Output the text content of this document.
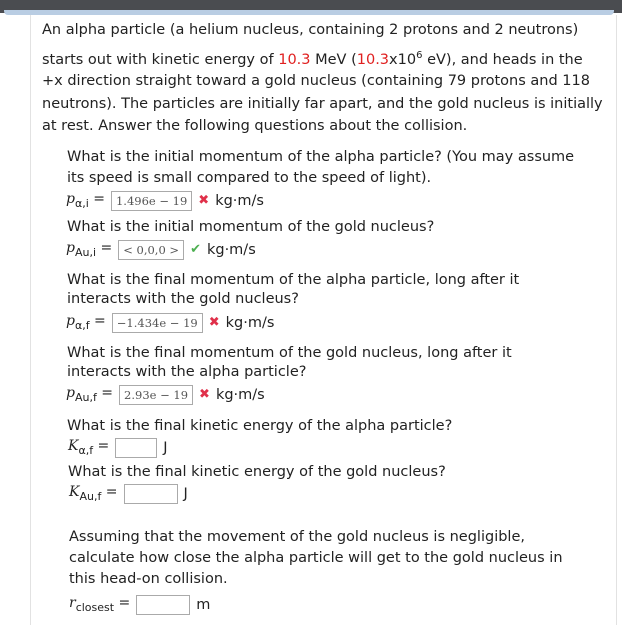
An alpha particle (a helium nucleus, containing 2 protons and 2 neutrons)
starts out with kinetic energy of 10.3 MeV ($10.3x10^6$ eV), and heads in the
+x direction straight toward a gold nucleus (containing 79 protons and 118
neutrons). The particles are initially far apart, and the gold nucleus is initially
at rest. Answer the following questions about the collision.
What is the initial momentum of the alpha particle? (You may assume
its speed is small compared to the speed of light).
$p_{\alpha,i} = 1.496e - 19$ ✖ kg·m/s
What is the initial momentum of the gold nucleus?
$p_{Au,i}$ = < 0,0,0 > ✔ kg·m/s
What is the final momentum of the alpha particle, long after it
interacts with the gold nucleus?
$p_{\alpha,f} = -1.434e - 19$ ✖ kg·m/s
What is the final momentum of the gold nucleus, long after it
interacts with the alpha particle?
$p_{Au,f} = 2.93e - 19$ ✖ kg·m/s
What is the final kinetic energy of the alpha particle?
$K_{\alpha,f}$ =	J
What is the final kinetic energy of the gold nucleus?
$K_{Au,f}$ =	J
Assuming that the movement of the gold nucleus is negligible,
calculate how close the alpha particle will get to the gold nucleus in
this head-on collision.
$r_{closest}$ =	m
